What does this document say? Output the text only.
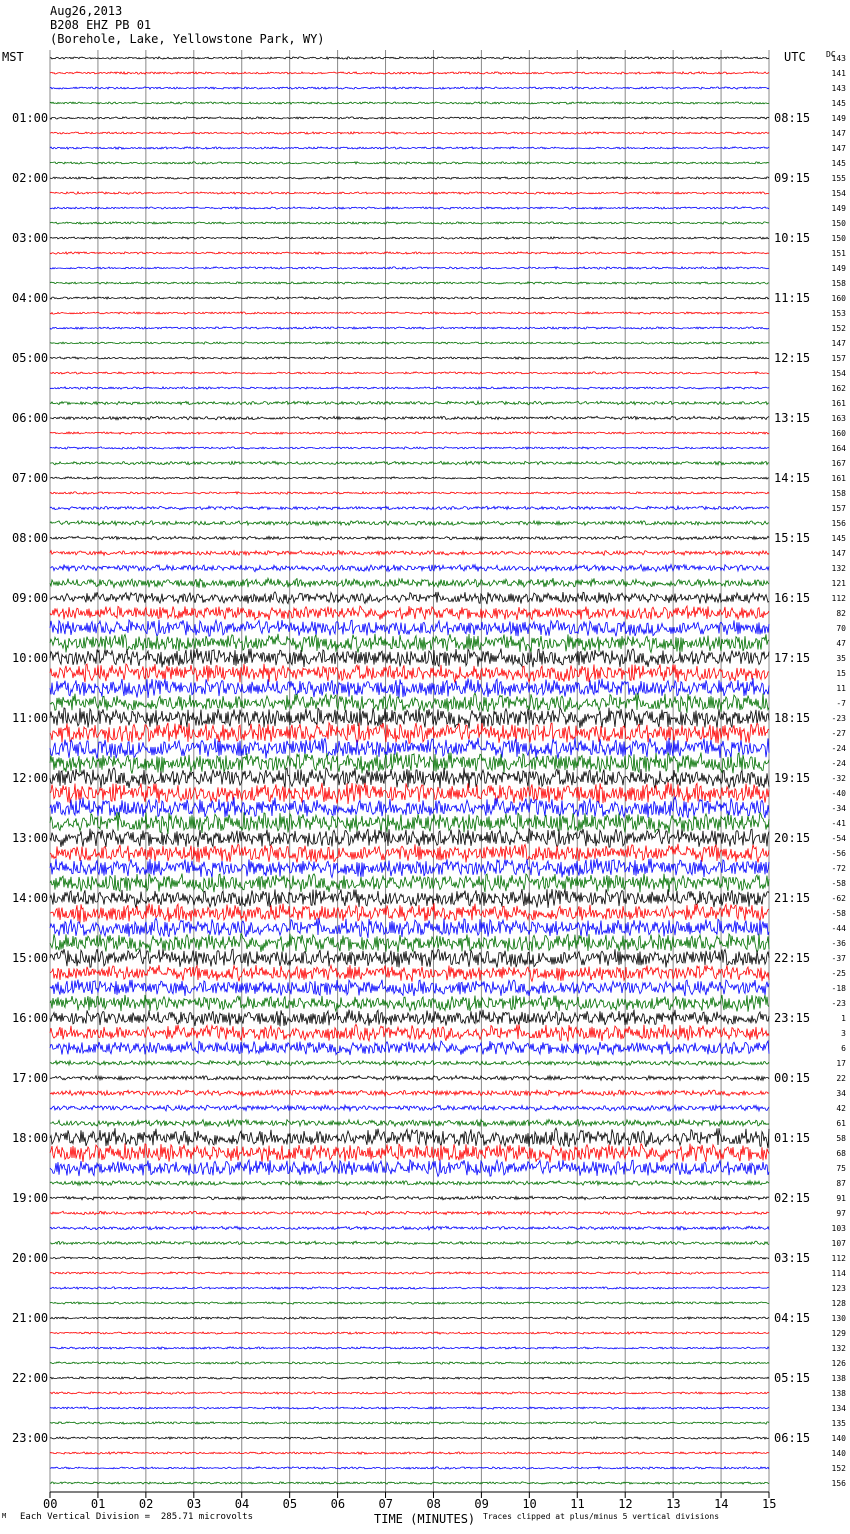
Aug26,2013
B208 EHZ PB 01
(Borehole, Lake, Yellowstone Park, WY)
MST	UTC	DC
TIME (MINUTES)
00	01	02	03	04	05	06	07	08	09	10	11	12	13	14	15
143
141
143
145
149
147
147
145
155
154
149
150
150
151
149
158
160
153
152
147
157
154
162
161
163
160
164
167
161
158
157
156
145
147
132
121
112
82
70
47
35
15
11
-7
-23
-27
-24
-24
-32
-40
-34
-41
-54
-56
-72
-58
-62
-58
-44
-36
-37
-25
-18
-23
1
3
6
17
22
34
42
61
58
68
75
87
91
97
103
107
112
114
123
128
130
129
132
126
138
138
134
135
140
140
152
156
01:00
02:00
03:00
04:00
05:00
06:00
07:00
08:00
09:00
10:00
11:00
12:00
13:00
14:00
15:00
16:00
17:00
18:00
19:00
20:00
21:00
22:00
23:00
08:15
09:15
10:15
11:15
12:15
13:15
14:15
15:15
16:15
17:15
18:15
19:15
20:15
21:15
22:15
23:15
00:15
01:15
02:15
03:15
04:15
05:15
06:15
M Each Vertical Division =  285.71 microvolts	Traces clipped at plus/minus 5 vertical divisions
